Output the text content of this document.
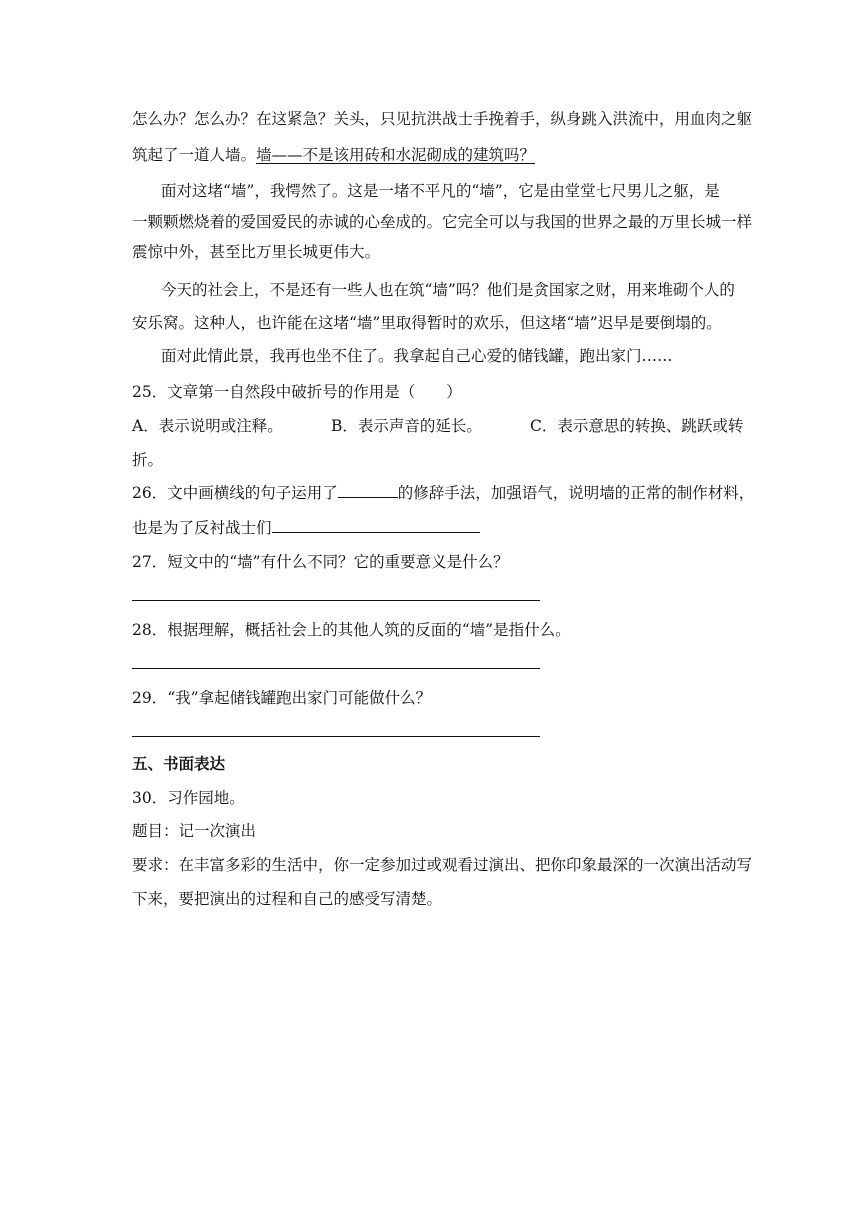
怎么办？怎么办？在这紧急？关头，只见抗洪战士手挽着手，纵身跳入洪流中，用血肉之躯
筑起了一道人墙。墙——不是该用砖和水泥砌成的建筑吗？
面对这堵“墙”，我愕然了。这是一堵不平凡的“墙”，它是由堂堂七尺男儿之躯，是
一颗颗燃烧着的爱国爱民的赤诚的心垒成的。它完全可以与我国的世界之最的万里长城一样
震惊中外，甚至比万里长城更伟大。
今天的社会上，不是还有一些人也在筑“墙”吗？他们是贪国家之财，用来堆砌个人的
安乐窝。这种人，也许能在这堵“墙”里取得暂时的欢乐，但这堵“墙”迟早是要倒塌的。
面对此情此景，我再也坐不住了。我拿起自己心爱的储钱罐，跑出家门……
25．文章第一自然段中破折号的作用是（　　）
A．表示说明或注释。	B．表示声音的延长。	C．表示意思的转换、跳跃或转
折。
26．文中画横线的句子运用了	的修辞手法，加强语气，说明墙的正常的制作材料，
也是为了反衬战士们
27．短文中的“墙”有什么不同？它的重要意义是什么？
28．根据理解，概括社会上的其他人筑的反面的“墙”是指什么。
29．“我”拿起储钱罐跑出家门可能做什么？
五、书面表达
30．习作园地。
题目：记一次演出
要求：在丰富多彩的生活中，你一定参加过或观看过演出、把你印象最深的一次演出活动写
下来，要把演出的过程和自己的感受写清楚。
